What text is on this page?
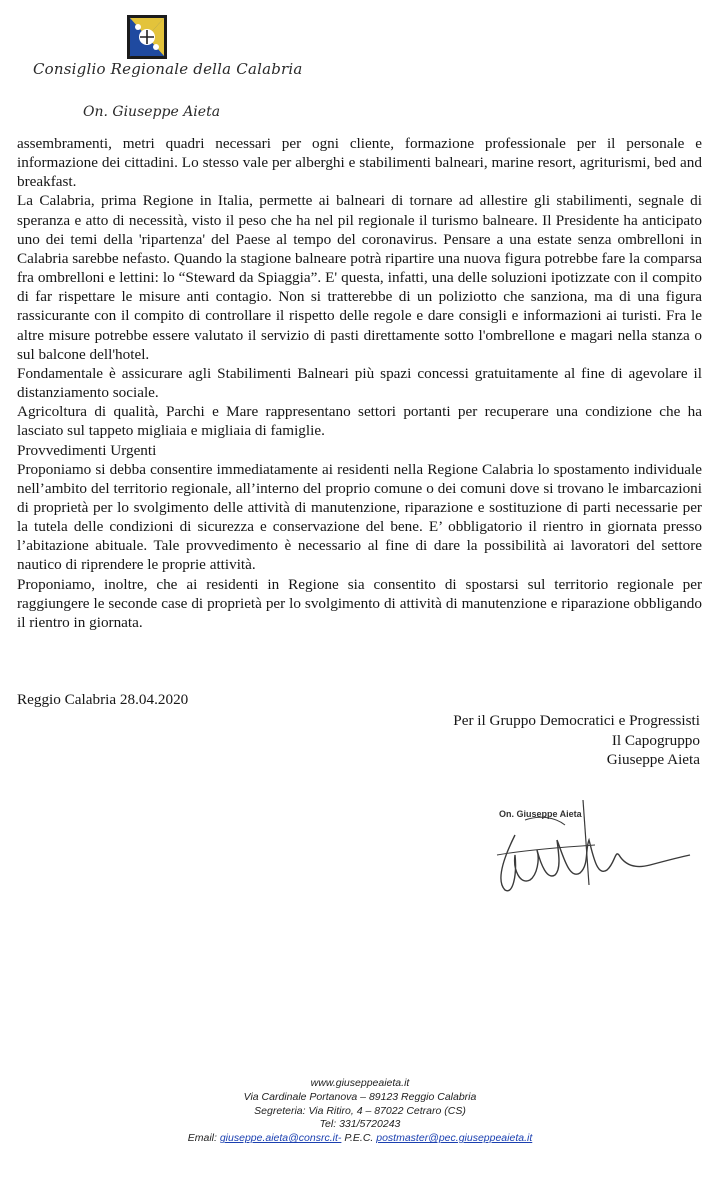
Consiglio Regionale della Calabria
On. Giuseppe Aieta

assembramenti, metri quadri necessari per ogni cliente, formazione professionale per il personale e informazione dei cittadini. Lo stesso vale per alberghi e stabilimenti balneari, marine resort, agriturismi, bed and breakfast.

La Calabria, prima Regione in Italia, permette ai balneari di tornare ad allestire gli stabilimenti, segnale di speranza e atto di necessità, visto il peso che ha nel pil regionale il turismo balneare. Il Presidente ha anticipato uno dei temi della 'ripartenza' del Paese al tempo del coronavirus. Pensare a una estate senza ombrelloni in Calabria sarebbe nefasto. Quando la stagione balneare potrà ripartire una nuova figura potrebbe fare la comparsa fra ombrelloni e lettini: lo “Steward da Spiaggia”. E' questa, infatti, una delle soluzioni ipotizzate con il compito di far rispettare le misure anti contagio. Non si tratterebbe di un poliziotto che sanziona, ma di una figura rassicurante con il compito di controllare il rispetto delle regole e dare consigli e informazioni ai turisti. Fra le altre misure potrebbe essere valutato il servizio di pasti direttamente sotto l'ombrellone e magari nella stanza o sul balcone dell'hotel.

Fondamentale è assicurare agli Stabilimenti Balneari più spazi concessi gratuitamente al fine di agevolare il distanziamento sociale.

Agricoltura di qualità, Parchi e Mare rappresentano settori portanti per recuperare una condizione che ha lasciato sul tappeto migliaia e migliaia di famiglie.

Provvedimenti Urgenti

Proponiamo si debba consentire immediatamente ai residenti nella Regione Calabria lo spostamento individuale nell’ambito del territorio regionale, all’interno del proprio comune o dei comuni dove si trovano le imbarcazioni di proprietà per lo svolgimento delle attività di manutenzione, riparazione e sostituzione di parti necessarie per la tutela delle condizioni di sicurezza e conservazione del bene. E’ obbligatorio il rientro in giornata presso l’abitazione abituale. Tale provvedimento è necessario al fine di dare la possibilità ai lavoratori del settore nautico di riprendere le proprie attività.

Proponiamo, inoltre, che ai residenti in Regione sia consentito di spostarsi sul territorio regionale per raggiungere le seconde case di proprietà per lo svolgimento di attività di manutenzione e riparazione obbligando il rientro in giornata.

Reggio Calabria 28.04.2020
Per il Gruppo Democratici e Progressisti
Il Capogruppo
Giuseppe Aieta
On. Giuseppe Aieta
www.giuseppeaieta.it
Via Cardinale Portanova – 89123 Reggio Calabria
Segreteria: Via Ritiro, 4 – 87022 Cetraro (CS)
Tel: 331/5720243
Email: giuseppe.aieta@consrc.it- P.E.C. postmaster@pec.giuseppeaieta.it
